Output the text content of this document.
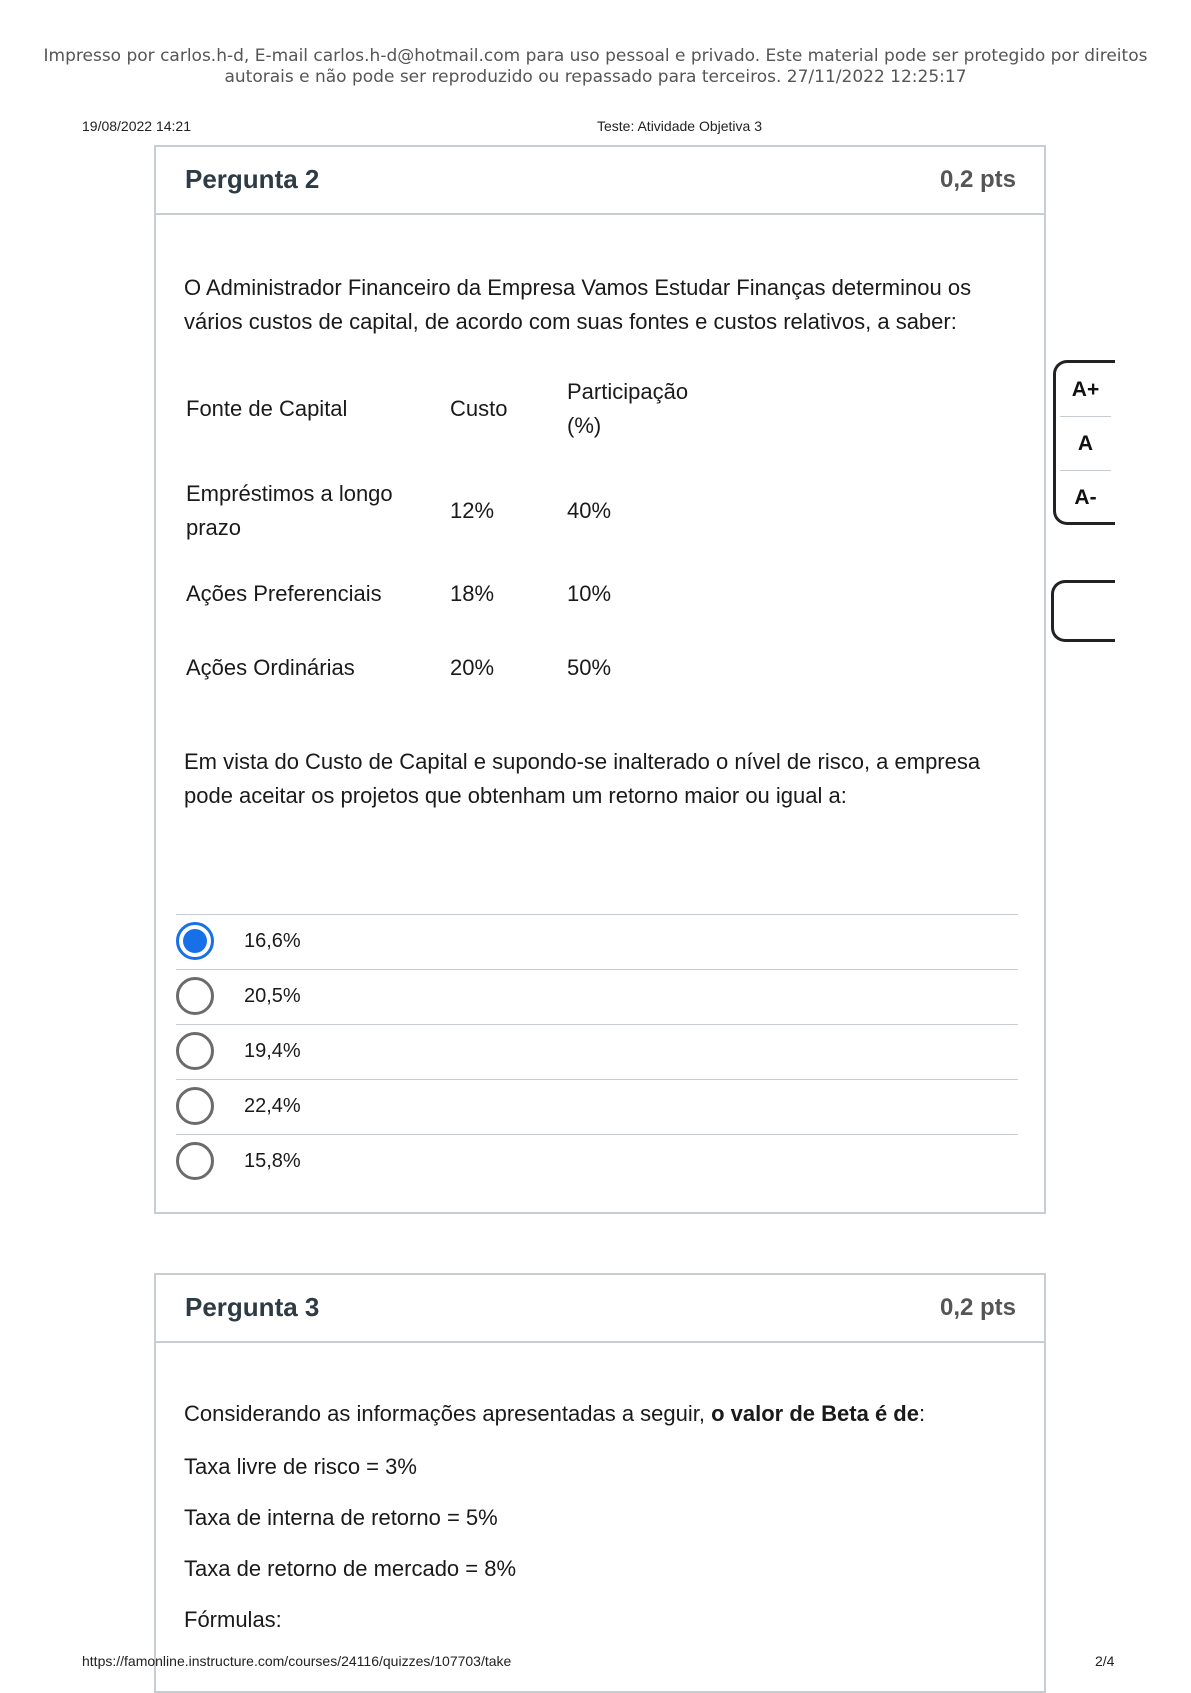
Impresso por carlos.h-d, E-mail carlos.h-d@hotmail.com para uso pessoal e privado. Este material pode ser protegido por direitos
autorais e não pode ser reproduzido ou repassado para terceiros. 27/11/2022 12:25:17
19/08/2022 14:21	Teste: Atividade Objetiva 3
Pergunta 2	0,2 pts
O Administrador Financeiro da Empresa Vamos Estudar Finanças determinou os vários custos de capital, de acordo com suas fontes e custos relativos, a saber:
Fonte de Capital	Custo	Participação (%)

Empréstimos a longo prazo	12%	40%

Ações Preferenciais	18%	10%

Ações Ordinárias	20%	50%
Em vista do Custo de Capital e supondo-se inalterado o nível de risco, a empresa pode aceitar os projetos que obtenham um retorno maior ou igual a:
16,6%
20,5%
19,4%
22,4%
15,8%
Pergunta 3	0,2 pts
Considerando as informações apresentadas a seguir, o valor de Beta é de:
Taxa livre de risco = 3%
Taxa de interna de retorno = 5%
Taxa de retorno de mercado = 8%
Fórmulas:
A+
A
A-
https://famonline.instructure.com/courses/24116/quizzes/107703/take	2/4
